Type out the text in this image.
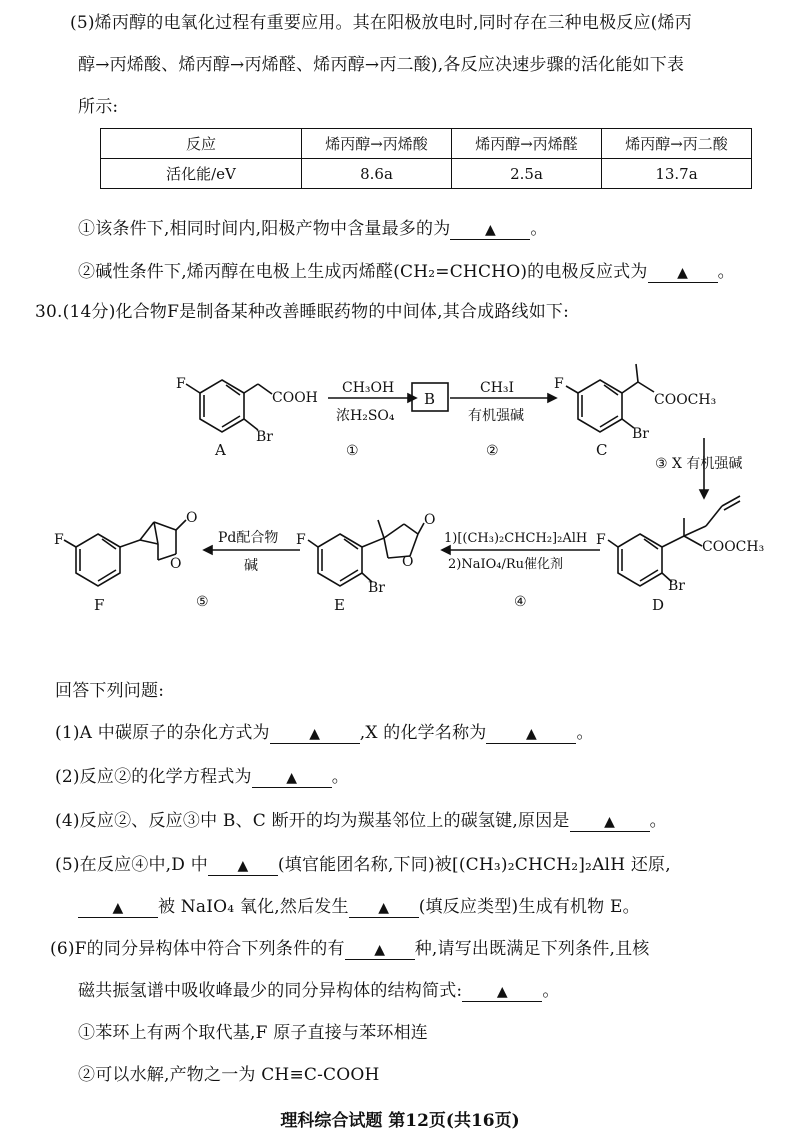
(5)烯丙醇的电氧化过程有重要应用。其在阳极放电时,同时存在三种电极反应(烯丙
醇→丙烯酸、烯丙醇→丙烯醛、烯丙醇→丙二酸),各反应决速步骤的活化能如下表
所示:
反应	烯丙醇→丙烯酸	烯丙醇→丙烯醛	烯丙醇→丙二酸
活化能/eV	8.6a	2.5a	13.7a
①该条件下,相同时间内,阳极产物中含量最多的为 ▲ 。
②碱性条件下,烯丙醇在电极上生成丙烯醛(CH₂=CHCHO)的电极反应式为 ▲ 。
30.(14分)化合物F是制备某种改善睡眠药物的中间体,其合成路线如下:
F
COOH
Br
A
CH₃OH
浓H₂SO₄
①
B
CH₃I
有机强碱
②
F
COOCH₃
Br
C
③ X 有机强碱
F	COOCH₃
Br
D
1)[(CH₃)₂CHCH₂]₂AlH
2)NaIO₄/Ru催化剂
④
F
O
O
Br
E
Pd配合物
碱
⑤
F
O
O
F
回答下列问题:
(1)A 中碳原子的杂化方式为	▲ ,X 的化学名称为	▲ 。
(2)反应②的化学方程式为 ▲ 。
(4)反应②、反应③中 B、C 断开的均为羰基邻位上的碳氢键,原因是 ▲ 。
(5)在反应④中,D 中 ▲ (填官能团名称,下同)被[(CH₃)₂CHCH₂]₂AlH 还原,
▲ 被 NaIO₄ 氧化,然后发生 ▲ (填反应类型)生成有机物 E。
(6)F的同分异构体中符合下列条件的有 ▲ 种,请写出既满足下列条件,且核
磁共振氢谱中吸收峰最少的同分异构体的结构简式: ▲ 。
①苯环上有两个取代基,F 原子直接与苯环相连
②可以水解,产物之一为 CH≡C-COOH
理科综合试题 第12页(共16页)
